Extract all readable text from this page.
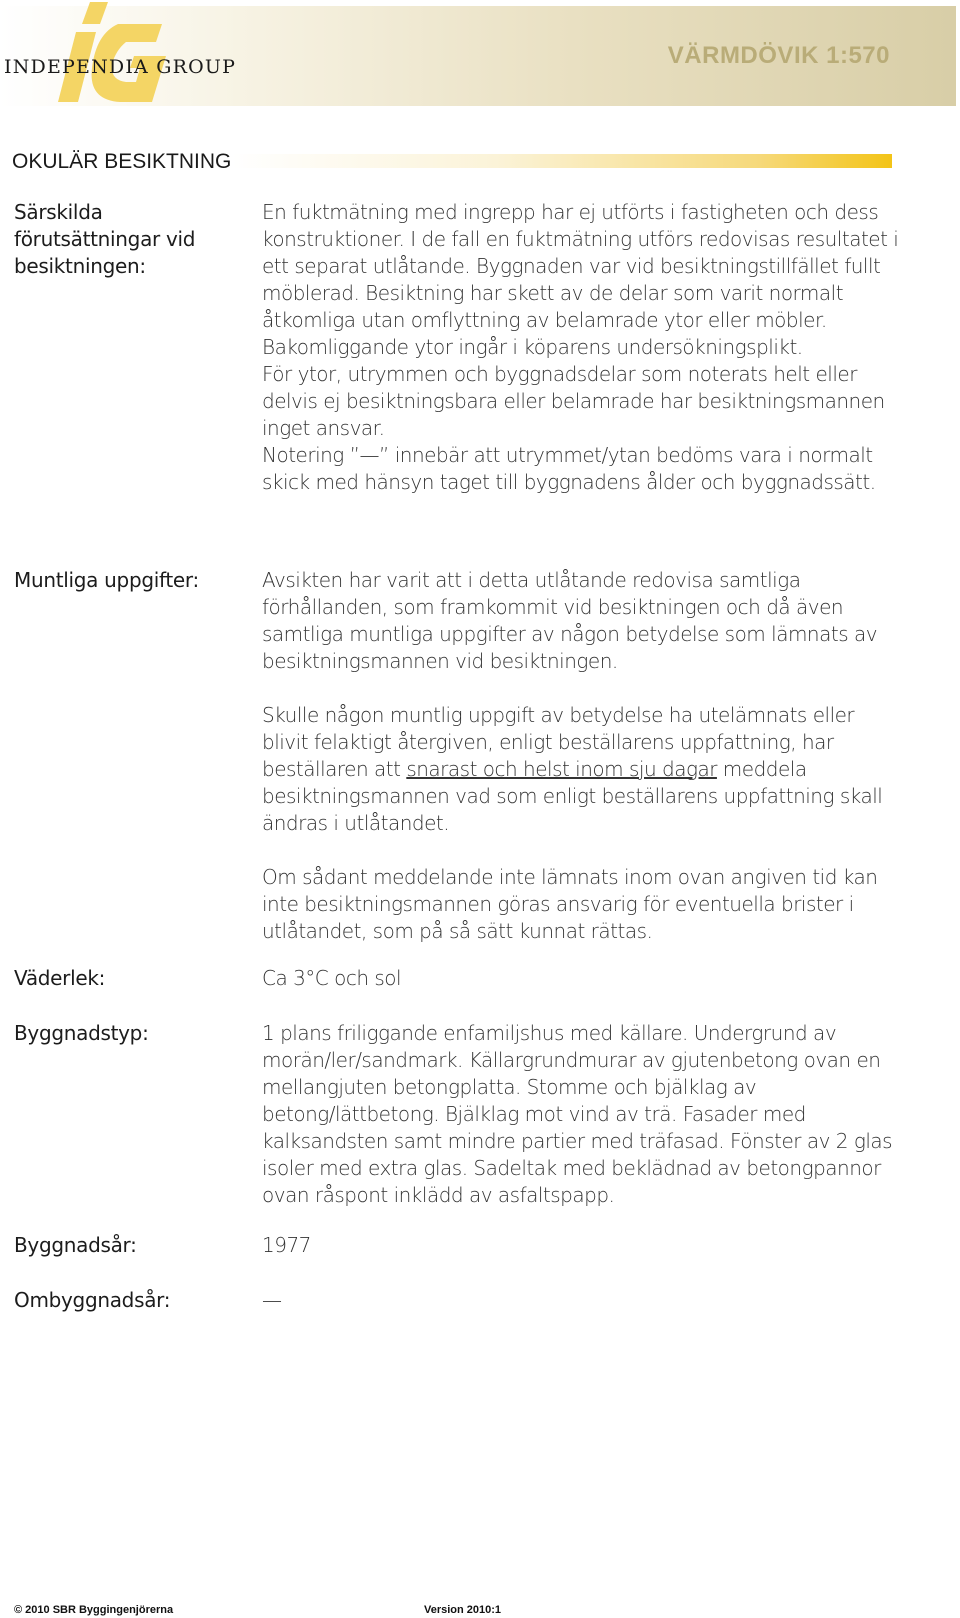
INDEPENDIA GROUP	VÄRMDÖVIK 1:570
OKULÄR BESIKTNING
Särskilda förutsättningar vid besiktningen:

En fuktmätning med ingrepp har ej utförts i fastigheten och dess konstruktioner. I de fall en fuktmätning utförs redovisas resultatet i ett separat utlåtande. Byggnaden var vid besiktningstillfället fullt möblerad. Besiktning har skett av de delar som varit normalt åtkomliga utan omflyttning av belamrade ytor eller möbler. Bakomliggande ytor ingår i köparens undersökningsplikt.

För ytor, utrymmen och byggnadsdelar som noterats helt eller delvis ej besiktningsbara eller belamrade har besiktningsmannen inget ansvar.

Notering ”—” innebär att utrymmet/ytan bedöms vara i normalt skick med hänsyn taget till byggnadens ålder och byggnadssätt.

Muntliga uppgifter:	Avsikten har varit att i detta utlåtande redovisa samtliga förhållanden, som framkommit vid besiktningen och då även samtliga muntliga uppgifter av någon betydelse som lämnats av besiktningsmannen vid besiktningen.

Skulle någon muntlig uppgift av betydelse ha utelämnats eller blivit felaktigt återgiven, enligt beställarens uppfattning, har beställaren att snarast och helst inom sju dagar meddela besiktningsmannen vad som enligt beställarens uppfattning skall ändras i utlåtandet.

Om sådant meddelande inte lämnats inom ovan angiven tid kan inte besiktningsmannen göras ansvarig för eventuella brister i utlåtandet, som på så sätt kunnat rättas.

Väderlek:	Ca 3°C och sol
Byggnadstyp:	1 plans friliggande enfamiljshus med källare. Undergrund av morän/ler/sandmark. Källargrundmurar av gjutenbetong ovan en mellangjuten betongplatta. Stomme och bjälklag av betong/lättbetong. Bjälklag mot vind av trä. Fasader med kalksandsten samt mindre partier med träfasad. Fönster av 2 glas isoler med extra glas. Sadeltak med beklädnad av betongpannor ovan råspont inklädd av asfaltspapp.
Byggnadsår:	1977
Ombyggnadsår:	—
© 2010 SBR Byggingenjörerna	Version 2010:1
